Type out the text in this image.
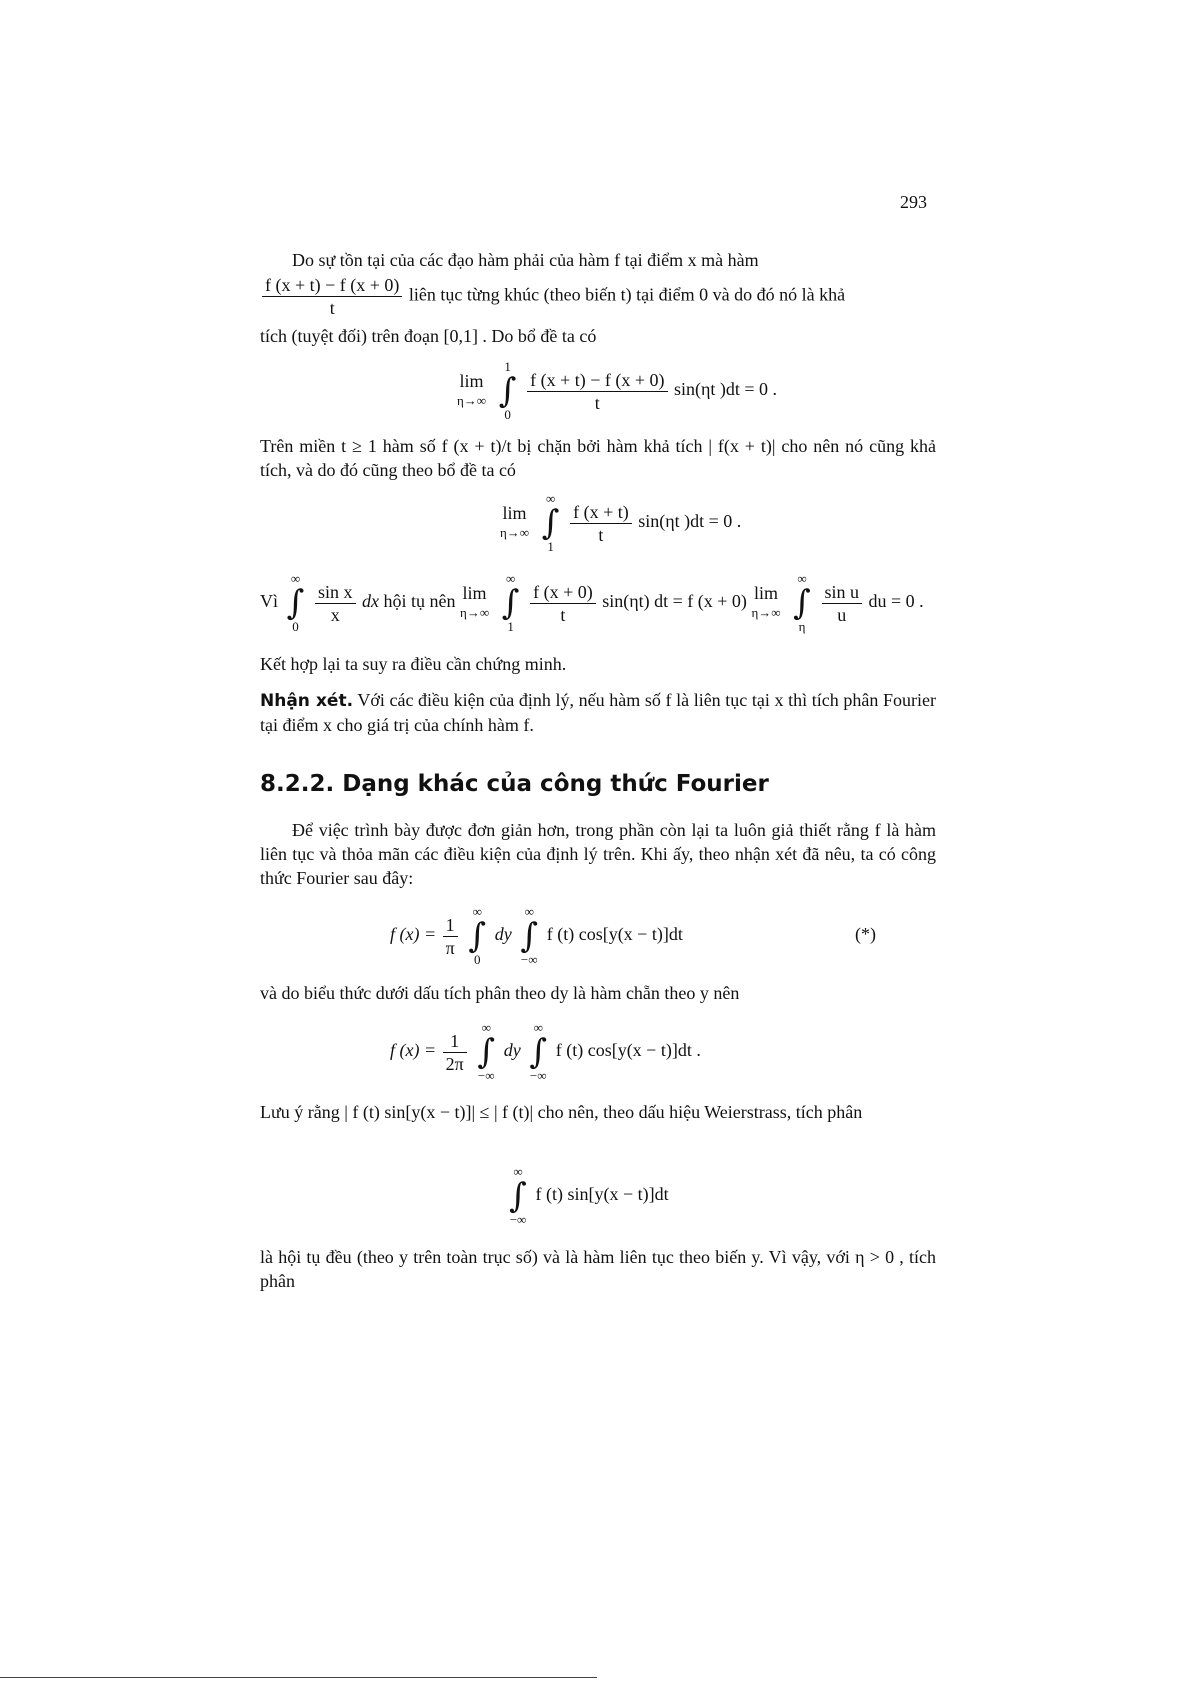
293
Do sự tồn tại của các đạo hàm phải của hàm f tại điểm x mà hàm
$\frac{f (x + t) - f (x + 0)}{t}$ liên tục từng khúc (theo biến t) tại điểm 0 và do đó nó là khả
tích (tuyệt đối) trên đoạn [0,1] . Do bổ đề ta có
lim
η→∞

1
∫
0

$\frac{f (x + t) - f (x + 0)}{t} \sin(\eta t$ )dt = 0 .
Trên miền t ≥ 1 hàm số f (x + t)/t bị chặn bởi hàm khả tích | f(x + t)| cho nên nó cũng khả tích, và do đó cũng theo bổ đề ta có
lim
η→∞

∞
∫
1

$\frac{f (x + t)}{t} \sin(\eta t$ )dt = 0 .
Vì
∞
∫
0

$\frac{\text{sin x}}{x}$ dx hội tụ nên lim
η→∞

∞
∫
1

$\frac{f (x + 0)}{t} \sin(\eta t)$ dt = f (x + 0) lim
η→∞

∞
∫
η

$\frac{\text{sin u}}{u}$ du = 0 .
Kết hợp lại ta suy ra điều cần chứng minh.
Nhận xét. Với các điều kiện của định lý, nếu hàm số f là liên tục tại x thì tích phân Fourier tại điểm x cho giá trị của chính hàm f.
8.2.2. Dạng khác của công thức Fourier
Để việc trình bày được đơn giản hơn, trong phần còn lại ta luôn giả thiết rằng f là hàm liên tục và thỏa mãn các điều kiện của định lý trên. Khi ấy, theo nhận xét đã nêu, ta có công thức Fourier sau đây:
f $(x) = \frac{1}{\pi}$

∞
∫
0
dy
∞
∫
−∞
f (t) cos[y(x − t)]dt	(*)
và do biểu thức dưới dấu tích phân theo dy là hàm chẵn theo y nên
f $(x) = \frac{1}{2\pi}$

∞
∫
−∞
dy
∞
∫
−∞
f (t) cos[y(x − t)]dt .
Lưu ý rằng | f (t) sin[y(x − t)]| ≤ | f (t)| cho nên, theo dấu hiệu Weierstrass, tích phân
∞
∫
−∞
f (t) sin[y(x − t)]dt
là hội tụ đều (theo y trên toàn trục số) và là hàm liên tục theo biến y. Vì vậy, với η > 0 , tích phân
